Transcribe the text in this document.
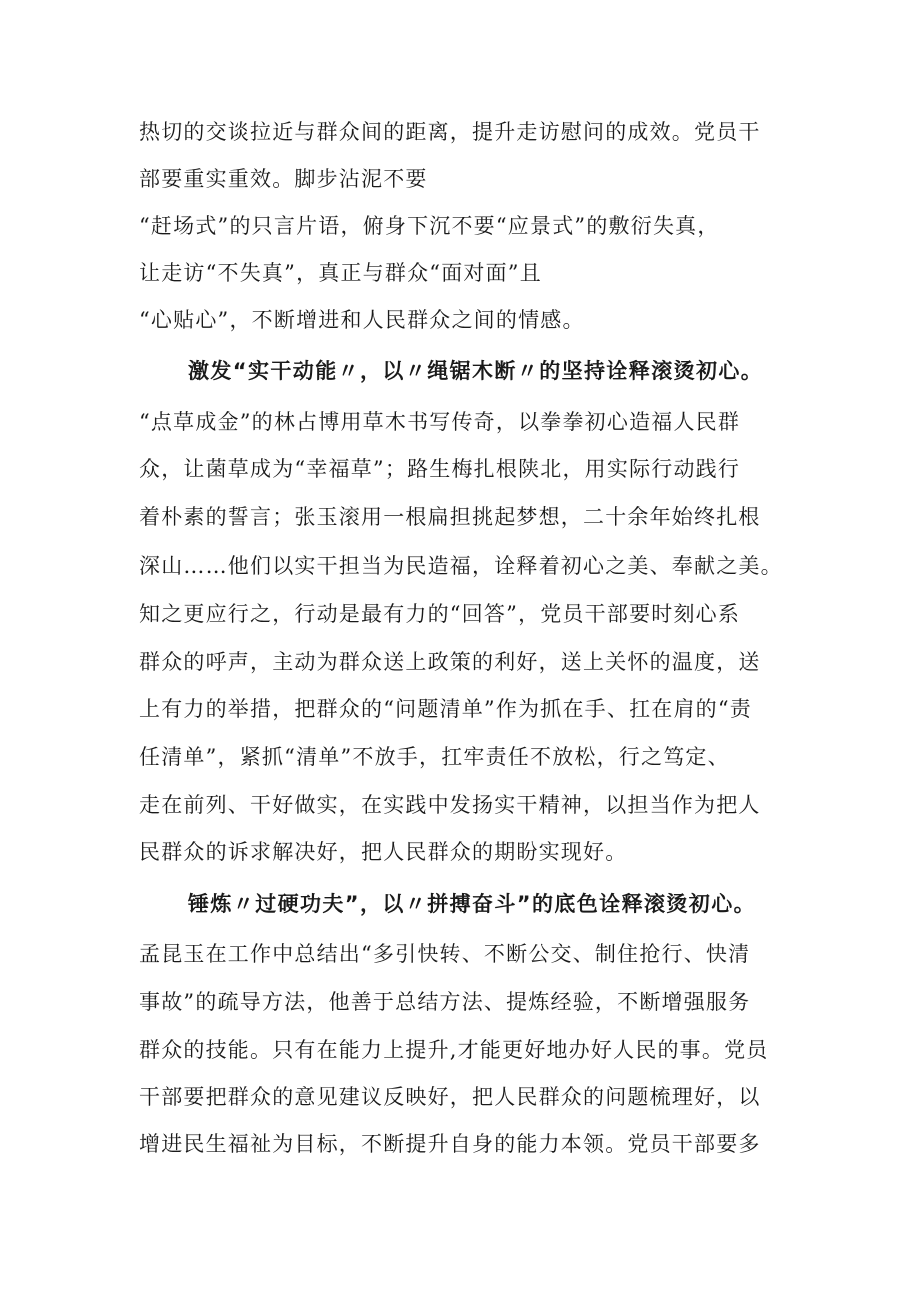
热切的交谈拉近与群众间的距离，提升走访慰问的成效。党员干
部要重实重效。脚步沾泥不要
“赶场式”的只言片语，俯身下沉不要“应景式”的敷衍失真，
让走访“不失真”，真正与群众“面对面”且
“心贴心”，不断增进和人民群众之间的情感。
激发“实干动能〃，以〃绳锯木断〃的坚持诠释滚烫初心。
“点草成金”的林占博用草木书写传奇，以拳拳初心造福人民群
众，让菌草成为“幸福草”；路生梅扎根陕北，用实际行动践行
着朴素的誓言；张玉滚用一根扁担挑起梦想，二十余年始终扎根
深山……他们以实干担当为民造福，诠释着初心之美、奉献之美。
知之更应行之，行动是最有力的“回答”，党员干部要时刻心系
群众的呼声，主动为群众送上政策的利好，送上关怀的温度，送
上有力的举措，把群众的“问题清单”作为抓在手、扛在肩的“责
任清单”，紧抓“清单”不放手，扛牢责任不放松，行之笃定、
走在前列、干好做实，在实践中发扬实干精神，以担当作为把人
民群众的诉求解决好，把人民群众的期盼实现好。
锤炼〃过硬功夫”，以〃拼搏奋斗”的底色诠释滚烫初心。
孟昆玉在工作中总结出“多引快转、不断公交、制住抢行、快清
事故”的疏导方法，他善于总结方法、提炼经验，不断增强服务
群众的技能。只有在能力上提升,才能更好地办好人民的事。党员
干部要把群众的意见建议反映好，把人民群众的问题梳理好，以
增进民生福祉为目标，不断提升自身的能力本领。党员干部要多
